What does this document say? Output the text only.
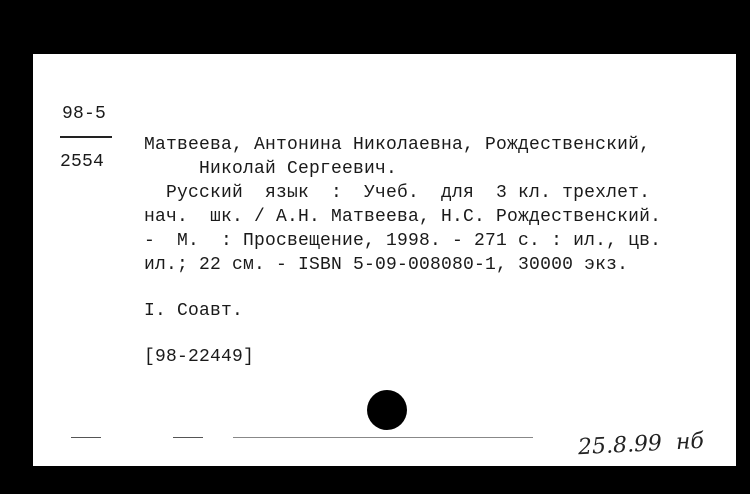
98-5
2554
Матвеева, Антонина Николаевна, Рождественский,
Николай Сергеевич.
Русский  язык  :  Учеб.  для  3 кл. трехлет.
нач.  шк. / А.Н. Матвеева, Н.С. Рождественский.
-  М.  : Просвещение, 1998. - 271 с. : ил., цв.
ил.; 22 см. - ISBN 5-09-008080-1, 30000 экз.
I. Соавт.
[98-22449]
25.8.99  нб
